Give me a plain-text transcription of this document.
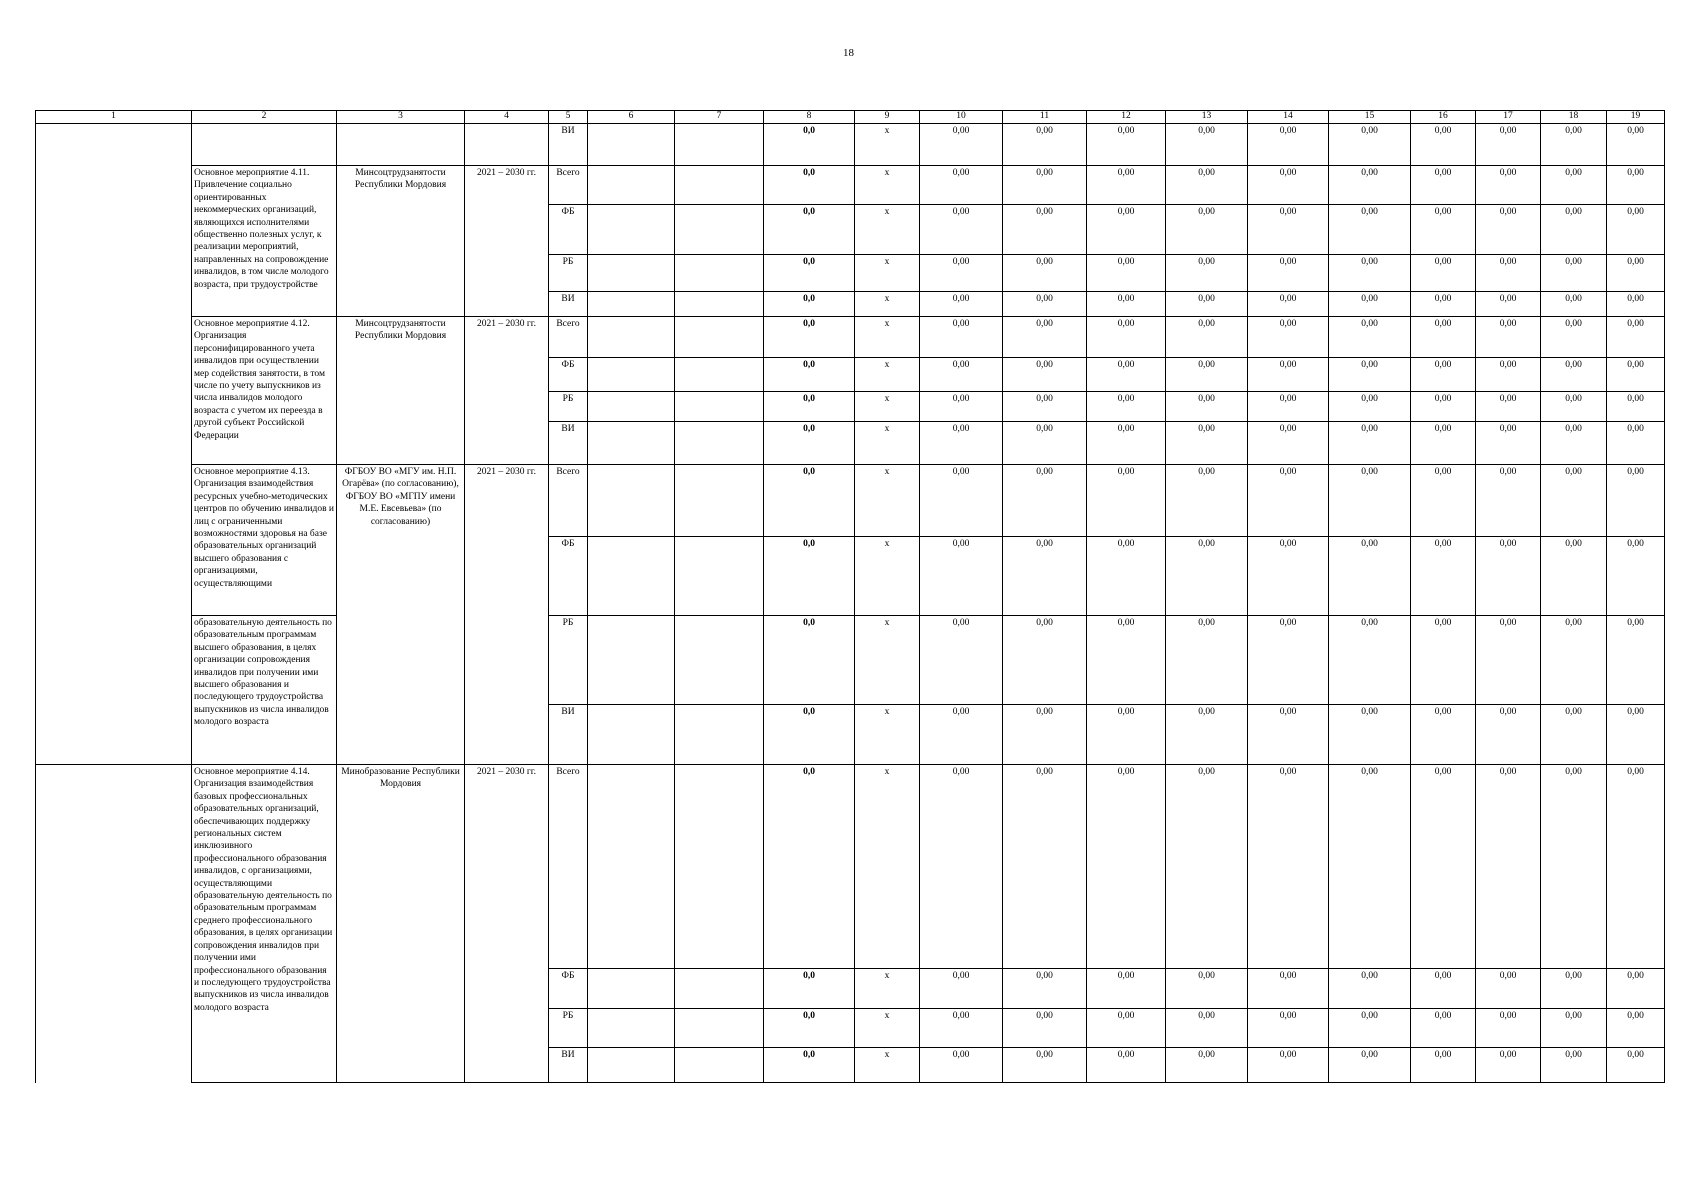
18
1	2	3	4	5	6	7	8	9	10	11	12	13	14	15	16	17	18	19
				ВИ			0,0	х	0,00	0,00	0,00	0,00	0,00	0,00	0,00	0,00	0,00	0,00
	Основное мероприятие 4.11. Привлечение социально ориентированных некоммерческих организаций, являющихся исполнителями общественно полезных услуг, к реализации мероприятий, направленных на сопровождение инвалидов, в том числе молодого возраста, при трудоустройстве	Минсоцтрудзанятости Республики Мордовия	2021 – 2030 гг.	Всего			0,0	х	0,00	0,00	0,00	0,00	0,00	0,00	0,00	0,00	0,00	0,00
				ФБ			0,0	х	0,00	0,00	0,00	0,00	0,00	0,00	0,00	0,00	0,00	0,00
				РБ			0,0	х	0,00	0,00	0,00	0,00	0,00	0,00	0,00	0,00	0,00	0,00
				ВИ			0,0	х	0,00	0,00	0,00	0,00	0,00	0,00	0,00	0,00	0,00	0,00
	Основное мероприятие 4.12. Организация персонифицированного учета инвалидов при осуществлении мер содействия занятости, в том числе по учету выпускников из числа инвалидов молодого возраста с учетом их переезда в другой субъект Российской Федерации	Минсоцтрудзанятости Республики Мордовия	2021 – 2030 гг.	Всего			0,0	х	0,00	0,00	0,00	0,00	0,00	0,00	0,00	0,00	0,00	0,00
				ФБ			0,0	х	0,00	0,00	0,00	0,00	0,00	0,00	0,00	0,00	0,00	0,00
				РБ			0,0	х	0,00	0,00	0,00	0,00	0,00	0,00	0,00	0,00	0,00	0,00
				ВИ			0,0	х	0,00	0,00	0,00	0,00	0,00	0,00	0,00	0,00	0,00	0,00
	Основное мероприятие 4.13. Организация взаимодействия ресурсных учебно-методических центров по обучению инвалидов и лиц с ограниченными возможностями здоровья на базе образовательных организаций высшего образования с организациями, осуществляющими	ФГБОУ ВО «МГУ им. Н.П. Огарёва» (по согласованию), ФГБОУ ВО «МГПУ имени М.Е. Евсевьева» (по согласованию)	2021 – 2030 гг.	Всего			0,0	х	0,00	0,00	0,00	0,00	0,00	0,00	0,00	0,00	0,00	0,00
				ФБ			0,0	х	0,00	0,00	0,00	0,00	0,00	0,00	0,00	0,00	0,00	0,00
	образовательную деятельность по образовательным программам высшего образования, в целях организации сопровождения инвалидов при получении ими высшего образования и последующего трудоустройства выпускников из числа инвалидов молодого возраста			РБ			0,0	х	0,00	0,00	0,00	0,00	0,00	0,00	0,00	0,00	0,00	0,00
				ВИ			0,0	х	0,00	0,00	0,00	0,00	0,00	0,00	0,00	0,00	0,00	0,00
	Основное мероприятие 4.14. Организация взаимодействия базовых профессиональных образовательных организаций, обеспечивающих поддержку региональных систем инклюзивного профессионального образования инвалидов, с организациями, осуществляющими образовательную деятельность по образовательным программам среднего профессионального образования, в целях организации сопровождения инвалидов при получении ими профессионального образования и последующего трудоустройства выпускников из числа инвалидов молодого возраста	Минобразование Республики Мордовия	2021 – 2030 гг.	Всего			0,0	х	0,00	0,00	0,00	0,00	0,00	0,00	0,00	0,00	0,00	0,00
				ФБ			0,0	х	0,00	0,00	0,00	0,00	0,00	0,00	0,00	0,00	0,00	0,00
				РБ			0,0	х	0,00	0,00	0,00	0,00	0,00	0,00	0,00	0,00	0,00	0,00
				ВИ			0,0	х	0,00	0,00	0,00	0,00	0,00	0,00	0,00	0,00	0,00	0,00
